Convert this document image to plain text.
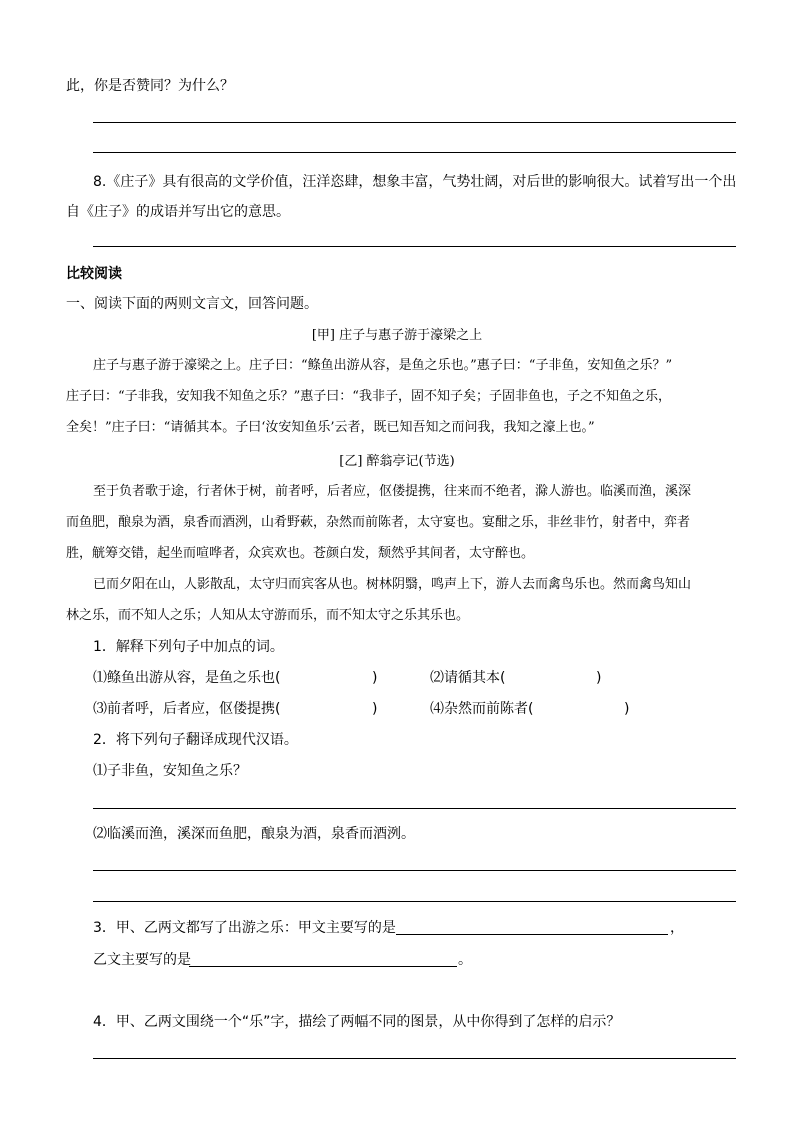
此，你是否赞同？为什么？
8.《庄子》具有很高的文学价值，汪洋恣肆，想象丰富，气势壮阔，对后世的影响很大。试着写出一个出
自《庄子》的成语并写出它的意思。
比较阅读
一、阅读下面的两则文言文，回答问题。
[甲] 庄子与惠子游于濠梁之上
庄子与惠子游于濠梁之上。庄子曰：“鲦鱼出游从容，是鱼之乐也。”惠子曰：“子非鱼，安知鱼之乐？”
庄子曰：“子非我，安知我不知鱼之乐？”惠子曰：“我非子，固不知子矣；子固非鱼也，子之不知鱼之乐，
全矣！”庄子曰：“请循其本。子曰‘汝安知鱼乐’云者，既已知吾知之而问我，我知之濠上也。”
[乙] 醉翁亭记(节选)
至于负者歌于途，行者休于树，前者呼，后者应，伛偻提携，往来而不绝者，滁人游也。临溪而渔，溪深
而鱼肥，酿泉为酒，泉香而酒洌，山肴野蔌，杂然而前陈者，太守宴也。宴酣之乐，非丝非竹，射者中，弈者
胜，觥筹交错，起坐而喧哗者，众宾欢也。苍颜白发，颓然乎其间者，太守醉也。
已而夕阳在山，人影散乱，太守归而宾客从也。树林阴翳，鸣声上下，游人去而禽鸟乐也。然而禽鸟知山
林之乐，而不知人之乐；人知从太守游而乐，而不知太守之乐其乐也。
1．解释下列句子中加点的词。
⑴鲦鱼出游从容，是鱼之乐也(	)	⑵请循其本(	)
⑶前者呼，后者应，伛偻提携(	)	⑷杂然而前陈者(	)
2．将下列句子翻译成现代汉语。
⑴子非鱼，安知鱼之乐？
⑵临溪而渔，溪深而鱼肥，酿泉为酒，泉香而酒洌。
3．甲、乙两文都写了出游之乐：甲文主要写的是	，
乙文主要写的是	。
4．甲、乙两文围绕一个“乐”字，描绘了两幅不同的图景，从中你得到了怎样的启示？
